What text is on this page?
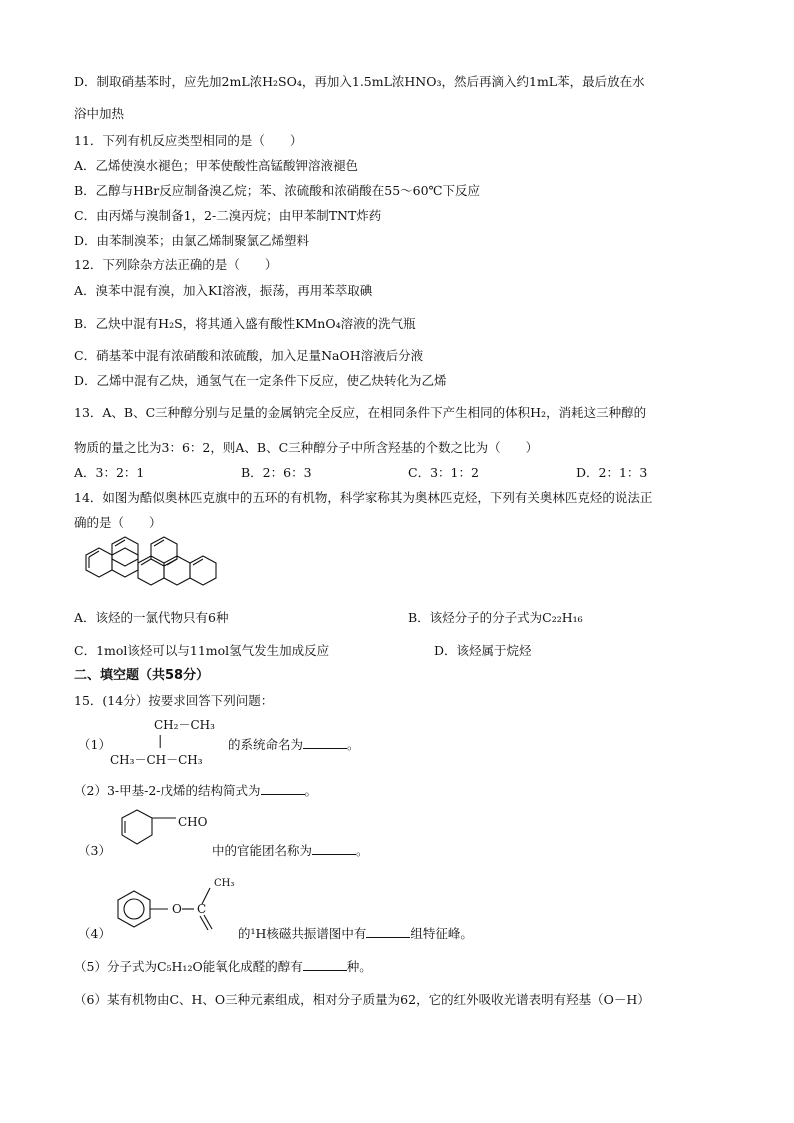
D．制取硝基苯时，应先加2mL浓H₂SO₄，再加入1.5mL浓HNO₃，然后再滴入约1mL苯，最后放在水
浴中加热
11．下列有机反应类型相同的是（　　）
A．乙烯使溴水褪色；甲苯使酸性高锰酸钾溶液褪色
B．乙醇与HBr反应制备溴乙烷；苯、浓硫酸和浓硝酸在55～60℃下反应
C．由丙烯与溴制备1，2-二溴丙烷；由甲苯制TNT炸药
D．由苯制溴苯；由氯乙烯制聚氯乙烯塑料
12．下列除杂方法正确的是（　　）
A．溴苯中混有溴，加入KI溶液，振荡，再用苯萃取碘
B．乙炔中混有H₂S，将其通入盛有酸性KMnO₄溶液的洗气瓶
C．硝基苯中混有浓硝酸和浓硫酸，加入足量NaOH溶液后分液
D．乙烯中混有乙炔，通氢气在一定条件下反应，使乙炔转化为乙烯
13．A、B、C三种醇分别与足量的金属钠完全反应，在相同条件下产生相同的体积H₂，消耗这三种醇的
物质的量之比为3：6：2，则A、B、C三种醇分子中所含羟基的个数之比为（　　）
A．3：2：1	B．2：6：3	C．3：1：2	D．2：1：3
14．如图为酷似奥林匹克旗中的五环的有机物，科学家称其为奥林匹克烃，下列有关奥林匹克烃的说法正
确的是（　　）
A．该烃的一氯代物只有6种	B．该烃分子的分子式为C₂₂H₁₆
C．1mol该烃可以与11mol氢气发生加成反应	D．该烃属于烷烃
二、填空题（共58分）
15．(14分）按要求回答下列问题：
（1）
CH₂－CH₃
|
CH₃－CH－CH₃
的系统命名为	。
（2）3-甲基-2-戊烯的结构简式为	。
（3）
CHO
中的官能团名称为	。
（4）
O C
CH₃
的¹H核磁共振谱图中有	组特征峰。
（5）分子式为C₅H₁₂O能氧化成醛的醇有	种。
（6）某有机物由C、H、O三种元素组成，相对分子质量为62，它的红外吸收光谱表明有羟基（O－H）
